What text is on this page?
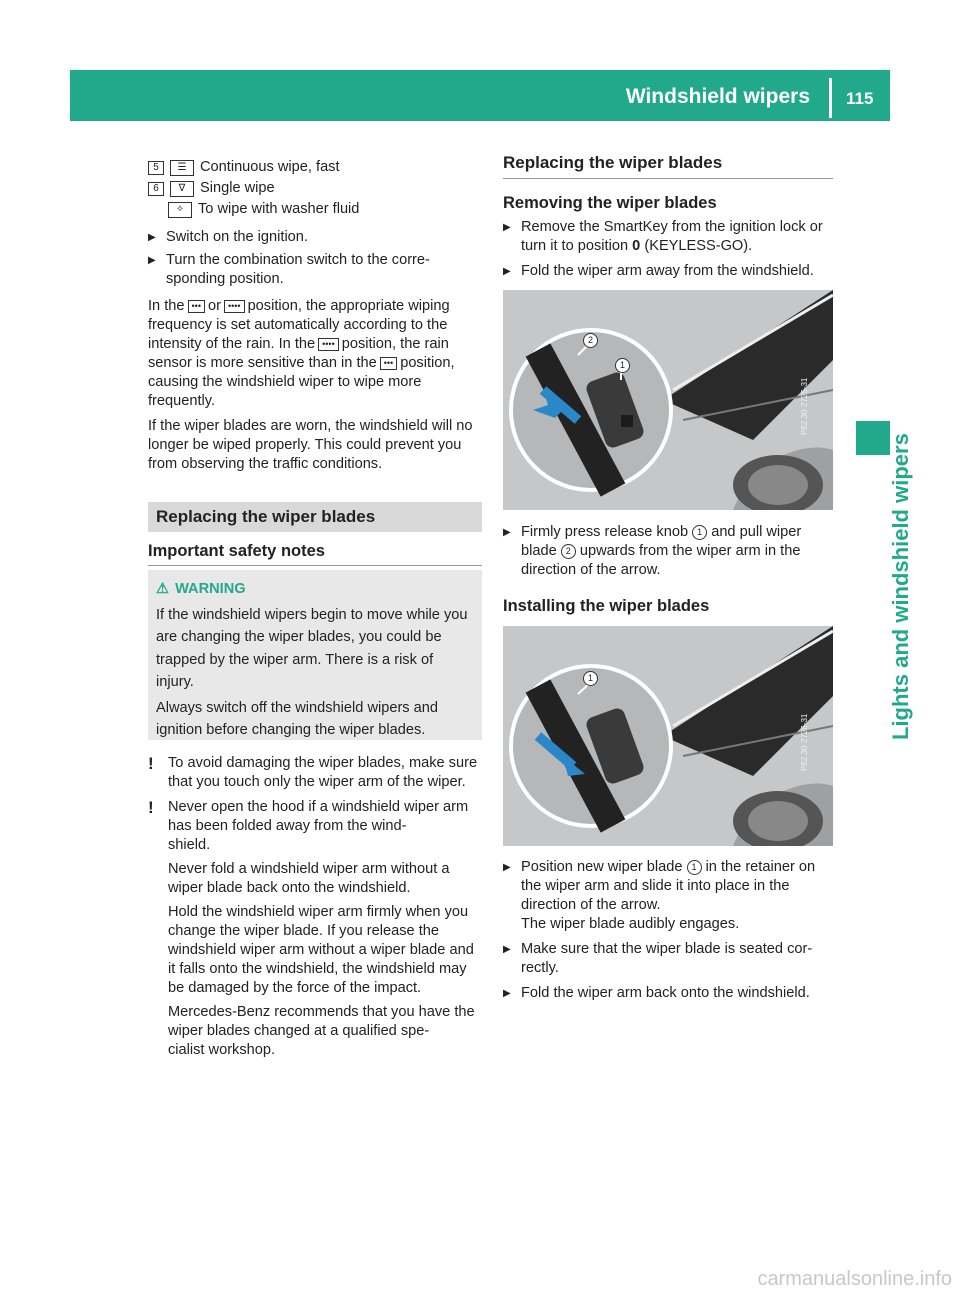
Windshield wipers 115
Lights and windshield wipers
5	☰ Continuous wipe, fast
6	∇	Single wipe
✧ To wipe with washer fluid

▶ Switch on the ignition.

▶ Turn the combination switch to the corre-
sponding position.

In the ••• or •••• position, the appropriate wiping frequency is set automatically according to the intensity of the rain. In the •••• position, the rain sensor is more sensitive than in the ••• position, causing the windshield wiper to wipe more frequently.

If the wiper blades are worn, the windshield will no longer be wiped properly. This could prevent you from observing the traffic conditions.

Replacing the wiper blades
Important safety notes
⚠ WARNING

If the windshield wipers begin to move while you are changing the wiper blades, you could be trapped by the wiper arm. There is a risk of injury.

Always switch off the windshield wipers and ignition before changing the wiper blades.

! To avoid damaging the wiper blades, make sure that you touch only the wiper arm of the wiper.

! Never open the hood if a windshield wiper arm has been folded away from the wind-
shield.

Never fold a windshield wiper arm without a wiper blade back onto the windshield.

Hold the windshield wiper arm firmly when you change the wiper blade. If you release the windshield wiper arm without a wiper blade and it falls onto the windshield, the windshield may be damaged by the force of the impact.

Mercedes-Benz recommends that you have the wiper blades changed at a qualified spe-
cialist workshop.

Replacing the wiper blades
Removing the wiper blades

▶ Remove the SmartKey from the ignition lock or turn it to position 0 (KEYLESS-GO).

▶ Fold the wiper arm away from the windshield.

2
1
P82.30-2725-31

▶ Firmly press release knob 1 and pull wiper blade 2 upwards from the wiper arm in the direction of the arrow.

Installing the wiper blades
1
P82.30-2726-31

▶ Position new wiper blade 1 in the retainer on the wiper arm and slide it into place in the direction of the arrow.
The wiper blade audibly engages.

▶ Make sure that the wiper blade is seated cor-
rectly.

▶ Fold the wiper arm back onto the windshield.

carmanualsonline.info
